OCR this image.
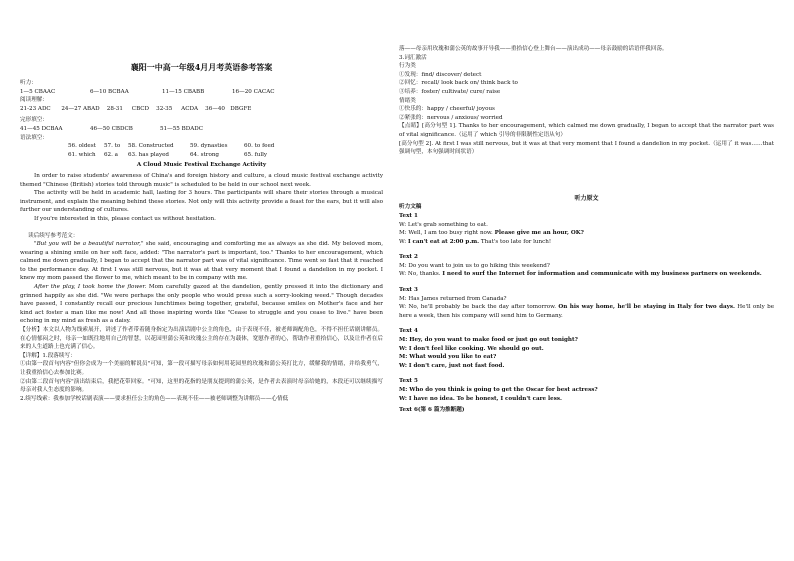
襄阳一中高一年级4月月考英语参考答案
听力：
1—5 CBAAC	6—10 BCBAA	11—15 CBABB	16—20 CACAC
阅读理解：
21-23 ADC      24—27 ABAD    28-31     CBCD    32-35     ACDA    36—40   DBGFE
完形填空：
41—45 DCBAA	46—50 CBDCB	51—55 BDADC
语法填空：
56. oldest	57. to	58. Constructed	59. dynasties	60. to feed
61. which	62. a	63. has played	64. strong	65. fully
A Cloud Music Festival Exchange Activity

In order to raise students' awareness of China's and foreign history and culture, a cloud music festival exchange activity themed "Chinese (British) stories told through music" is scheduled to be held in our school next week.

The activity will be held in academic hall, lasting for 3 hours. The participants will share their stories through a musical instrument, and explain the meaning behind these stories. Not only will this activity provide a feast for the ears, but it will also further our understanding of cultures.

If you're interested in this, please contact us without hesitation.

读后续写参考范文：

"But you will be a beautiful narrator," she said, encouraging and comforting me as always as she did. My beloved mom, wearing a shining smile on her soft face, added: "The narrator's part is important, too." Thanks to her encouragement, which calmed me down gradually, I began to accept that the narrator part was of vital significance. Time went so fast that it reached to the performance day. At first I was still nervous, but it was at that very moment that I found a dandelion in my pocket. I knew my mom passed the flower to me, which meant to be in company with me.

After the play, I took home the flower. Mom carefully gazed at the dandelion, gently pressed it into the dictionary and grinned happily as she did. "We were perhaps the only people who would press such a sorry-looking weed." Though decades have passed, I constantly recall our precious lunchtimes being together, grateful, because smiles on Mother's face and her kind act foster a man like me now! And all those inspiring words like "Cease to struggle and you cease to live." have been echoing in my mind as fresh as a daisy.

【分析】本文以人物为线索展开，讲述了作者带着随身指定为出演话剧中公主的角色，由于表现不佳，被老师调配角色，不得不担任话剧讲解员。在心情郁闷之时，母亲一如既往地用自己的智慧，以花园里蒲公英和玫瑰公主的存在为载体，宽慰作者的心，帮助作者重拾信心，以及让作者在后来的人生道路上也充满了信心。

【详解】1.段落续写：

①由第一段首句内容"但你会成为一个美丽的解说员"可知，第一段可描写母亲如何用花园里的玫瑰和蒲公英打比方，缓解我的情绪，并给我勇气，让我重拾信心去参加比赛。

②由第二段首句内容"演出结束后，我把花带回家。"可知，这里的花指的是朋友提到的蒲公英，是作者去表演时母亲给她的，本段还可以继续描写母亲对我人生态度的影响。

2.续写线索：我参加学校话剧表演——要求担任公主的角色——表现不佳——被老师调整为讲解员——心情低

落——母亲用玫瑰和蒲公英的故事开导我——重拾信心登上舞台——演出成功——母亲鼓励的话语伴我回荡。

3.词汇激活
行为类
①发现：find/ discover/ detect
②回忆：recall/ look back on/ think back to
③培养：foster/ cultivate/ cure/ raise
情绪类
①快乐的：happy / cheerful/ joyous
②紧张的：nervous / anxious/ worried

【点睛】[高分句型 1]. Thanks to her encouragement, which calmed me down gradually, I began to accept that the narrator part was of vital significance.（运用了 which 引导的非限制性定语从句）

[高分句型 2]. At first I was still nervous, but it was at that very moment that I found a dandelion in my pocket.（运用了 it was……that 强调句型，本句强调时间状语）

听力原文
听力文稿
Text 1

W: Let's grab something to eat.

M: Well, I am too busy right now. Please give me an hour, OK?

W: I can't eat at 2:00 p.m. That's too late for lunch!

Text 2

M: Do you want to join us to go hiking this weekend?

W: No, thanks. I need to surf the Internet for information and communicate with my business partners on weekends.

Text 3

M: Has James returned from Canada?

W: No, he'll probably be back the day after tomorrow. On his way home, he'll be staying in Italy for two days. He'll only be here a week, then his company will send him to Germany.

Text 4

M: Hey, do you want to make food or just go out tonight?

W: I don't feel like cooking. We should go out.

M: What would you like to eat?

W: I don't care, just not fast food.

Text 5

M: Who do you think is going to get the Oscar for best actress?

W: I have no idea. To be honest, I couldn't care less.

Text 6(第 6 篇为推断题)
